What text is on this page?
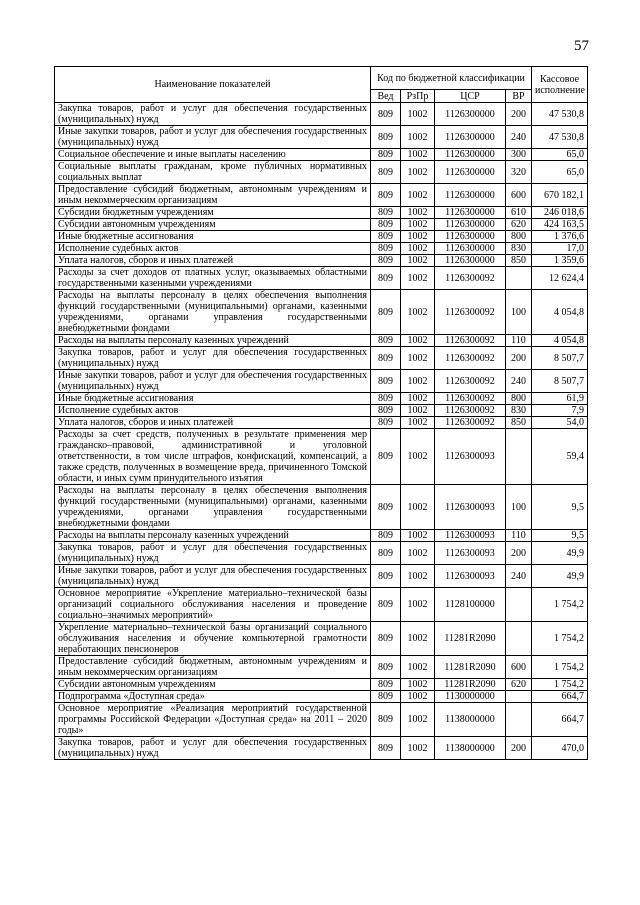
57
Наименование показателей	Код по бюджетной классификации				Кассовое исполнение
	Вед	РзПр	ЦСР	ВР	
Закупка товаров, работ и услуг для обеспечения государственных (муниципальных) нужд	809	1002	1126300000	200	47 530,8
Иные закупки товаров, работ и услуг для обеспечения государственных (муниципальных) нужд	809	1002	1126300000	240	47 530,8
Социальное обеспечение и иные выплаты населению	809	1002	1126300000	300	65,0
Социальные выплаты гражданам, кроме публичных нормативных социальных выплат	809	1002	1126300000	320	65,0
Предоставление субсидий бюджетным, автономным учреждениям и иным некоммерческим организациям	809	1002	1126300000	600	670 182,1
Субсидии бюджетным учреждениям	809	1002	1126300000	610	246 018,6
Субсидии автономным учреждениям	809	1002	1126300000	620	424 163,5
Иные бюджетные ассигнования	809	1002	1126300000	800	1 376,6
Исполнение судебных актов	809	1002	1126300000	830	17,0
Уплата налогов, сборов и иных платежей	809	1002	1126300000	850	1 359,6
Расходы за счет доходов от платных услуг, оказываемых областными государственными казенными учреждениями	809	1002	1126300092		12 624,4
Расходы на выплаты персоналу в целях обеспечения выполнения функций государственными (муниципальными) органами, казенными учреждениями, органами управления государственными внебюджетными фондами	809	1002	1126300092	100	4 054,8
Расходы на выплаты персоналу казенных учреждений	809	1002	1126300092	110	4 054,8
Закупка товаров, работ и услуг для обеспечения государственных (муниципальных) нужд	809	1002	1126300092	200	8 507,7
Иные закупки товаров, работ и услуг для обеспечения государственных (муниципальных) нужд	809	1002	1126300092	240	8 507,7
Иные бюджетные ассигнования	809	1002	1126300092	800	61,9
Исполнение судебных актов	809	1002	1126300092	830	7,9
Уплата налогов, сборов и иных платежей	809	1002	1126300092	850	54,0
Расходы за счет средств, полученных в результате применения мер гражданско–правовой, административной и уголовной ответственности, в том числе штрафов, конфискаций, компенсаций, а также средств, полученных в возмещение вреда, причиненного Томской области, и иных сумм принудительного изъятия	809	1002	1126300093		59,4
Расходы на выплаты персоналу в целях обеспечения выполнения функций государственными (муниципальными) органами, казенными учреждениями, органами управления государственными внебюджетными фондами	809	1002	1126300093	100	9,5
Расходы на выплаты персоналу казенных учреждений	809	1002	1126300093	110	9,5
Закупка товаров, работ и услуг для обеспечения государственных (муниципальных) нужд	809	1002	1126300093	200	49,9
Иные закупки товаров, работ и услуг для обеспечения государственных (муниципальных) нужд	809	1002	1126300093	240	49,9
Основное мероприятие «Укрепление материально–технической базы организаций социального обслуживания населения и проведение социально–значимых мероприятий»	809	1002	1128100000		1 754,2
Укрепление материально–технической базы организаций социального обслуживания населения и обучение компьютерной грамотности неработающих пенсионеров	809	1002	11281R2090		1 754,2
Предоставление субсидий бюджетным, автономным учреждениям и иным некоммерческим организациям	809	1002	11281R2090	600	1 754,2
Субсидии автономным учреждениям	809	1002	11281R2090	620	1 754,2
Подпрограмма «Доступная среда»	809	1002	1130000000		664,7
Основное мероприятие «Реализация мероприятий государственной программы Российской Федерации «Доступная среда» на 2011 – 2020 годы»	809	1002	1138000000		664,7
Закупка товаров, работ и услуг для обеспечения государственных (муниципальных) нужд	809	1002	1138000000	200	470,0
